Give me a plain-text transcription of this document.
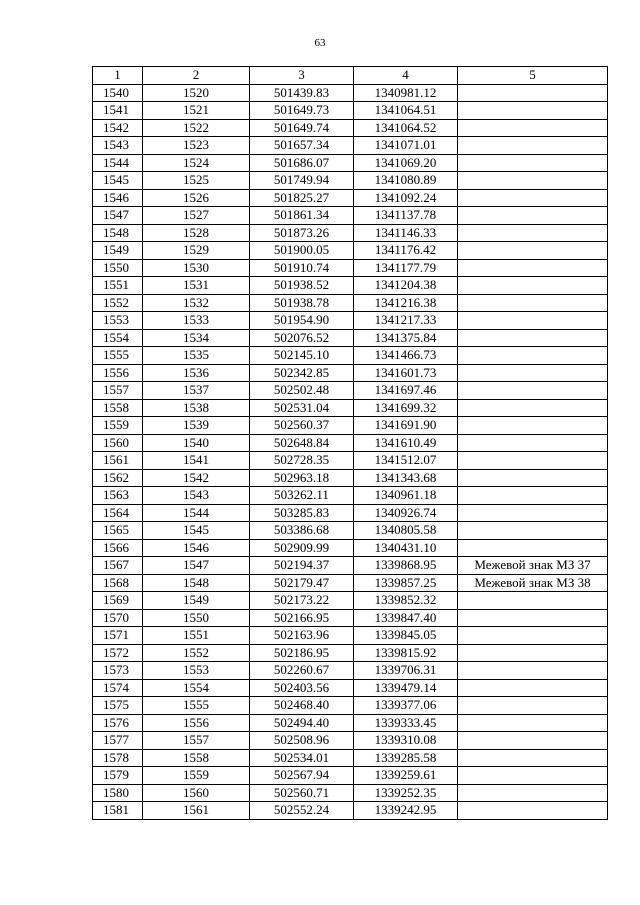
63
1	2	3	4	5
1540	1520	501439.83	1340981.12	
1541	1521	501649.73	1341064.51	
1542	1522	501649.74	1341064.52	
1543	1523	501657.34	1341071.01	
1544	1524	501686.07	1341069.20	
1545	1525	501749.94	1341080.89	
1546	1526	501825.27	1341092.24	
1547	1527	501861.34	1341137.78	
1548	1528	501873.26	1341146.33	
1549	1529	501900.05	1341176.42	
1550	1530	501910.74	1341177.79	
1551	1531	501938.52	1341204.38	
1552	1532	501938.78	1341216.38	
1553	1533	501954.90	1341217.33	
1554	1534	502076.52	1341375.84	
1555	1535	502145.10	1341466.73	
1556	1536	502342.85	1341601.73	
1557	1537	502502.48	1341697.46	
1558	1538	502531.04	1341699.32	
1559	1539	502560.37	1341691.90	
1560	1540	502648.84	1341610.49	
1561	1541	502728.35	1341512.07	
1562	1542	502963.18	1341343.68	
1563	1543	503262.11	1340961.18	
1564	1544	503285.83	1340926.74	
1565	1545	503386.68	1340805.58	
1566	1546	502909.99	1340431.10	
1567	1547	502194.37	1339868.95	Межевой знак МЗ 37
1568	1548	502179.47	1339857.25	Межевой знак МЗ 38
1569	1549	502173.22	1339852.32	
1570	1550	502166.95	1339847.40	
1571	1551	502163.96	1339845.05	
1572	1552	502186.95	1339815.92	
1573	1553	502260.67	1339706.31	
1574	1554	502403.56	1339479.14	
1575	1555	502468.40	1339377.06	
1576	1556	502494.40	1339333.45	
1577	1557	502508.96	1339310.08	
1578	1558	502534.01	1339285.58	
1579	1559	502567.94	1339259.61	
1580	1560	502560.71	1339252.35	
1581	1561	502552.24	1339242.95	
